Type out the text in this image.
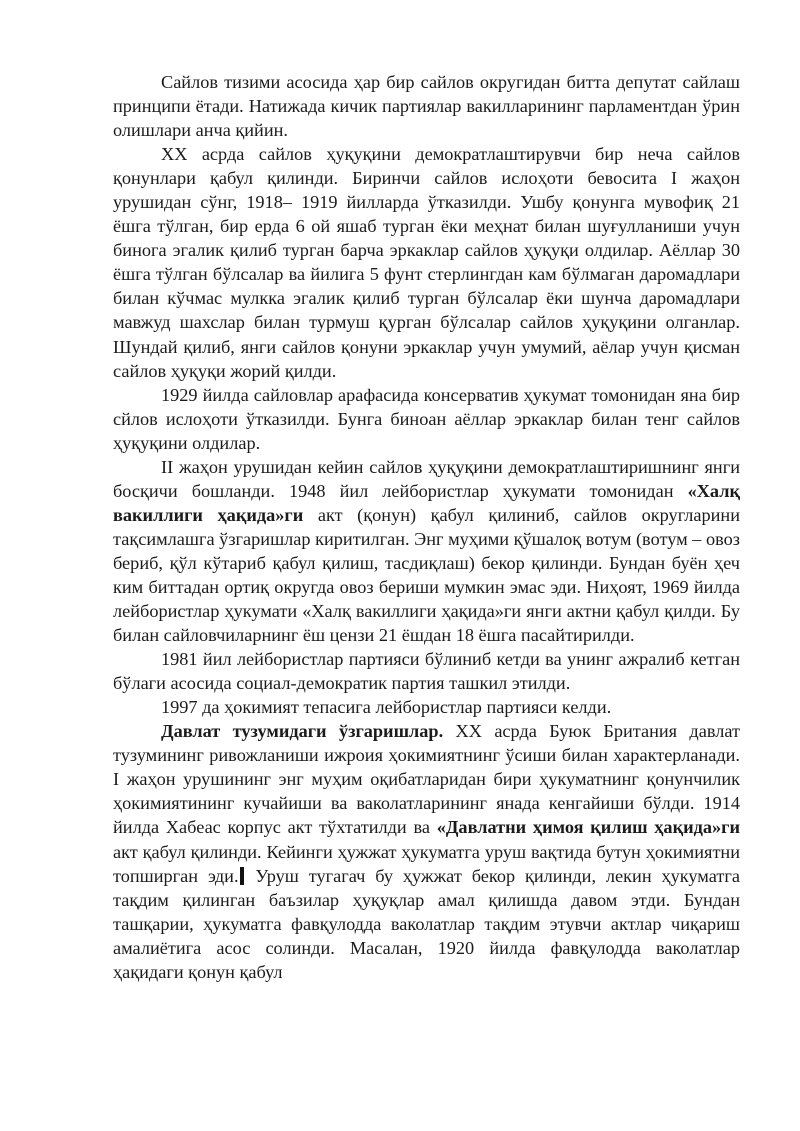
Сайлов тизими асосида ҳар бир сайлов округидан битта депутат сайлаш принципи ётади. Натижада кичик партиялар вакилларининг парламентдан ўрин олишлари анча қийин.

XX асрда сайлов ҳуқуқини демократлаштирувчи бир неча сайлов қонунлари қабул қилинди. Биринчи сайлов ислоҳоти бевосита I жаҳон урушидан сўнг, 1918– 1919 йилларда ўтказилди. Ушбу қонунга мувофиқ 21 ёшга тўлган, бир ерда 6 ой яшаб турган ёки меҳнат билан шуғулланиши учун бинога эгалик қилиб турган барча эркаклар сайлов ҳуқуқи олдилар. Аёллар 30 ёшга тўлган бўлсалар ва йилига 5 фунт стерлингдан кам бўлмаган даромадлари билан кўчмас мулкка эгалик қилиб турган бўлсалар ёки шунча даромадлари мавжуд шахслар билан турмуш қурган бўлсалар сайлов ҳуқуқини олганлар. Шундай қилиб, янги сайлов қонуни эркаклар учун умумий, аёлар учун қисман сайлов ҳуқуқи жорий қилди.

1929 йилда сайловлар арафасида консерватив ҳукумат томонидан яна бир сйлов ислоҳоти ўтказилди. Бунга биноан аёллар эркаклар билан тенг сайлов ҳуқуқини олдилар.

II жаҳон урушидан кейин сайлов ҳуқуқини демократлаштиришнинг янги босқичи бошланди. 1948 йил лейбористлар ҳукумати томонидан «Халқ вакиллиги ҳақида»ги акт (қонун) қабул қилиниб, сайлов округларини тақсимлашга ўзгаришлар киритилган. Энг муҳими қўшалоқ вотум (вотум – овоз бериб, қўл кўтариб қабул қилиш, тасдиқлаш) бекор қилинди. Бундан буён ҳеч ким биттадан ортиқ округда овоз бериши мумкин эмас эди. Ниҳоят, 1969 йилда лейбористлар ҳукумати «Халқ вакиллиги ҳақида»ги янги актни қабул қилди. Бу билан сайловчиларнинг ёш цензи 21 ёшдан 18 ёшга пасайтирилди.

1981 йил лейбористлар партияси бўлиниб кетди ва унинг ажралиб кетган бўлаги асосида социал-демократик партия ташкил этилди.

1997 да ҳокимият тепасига лейбористлар партияси келди.

Давлат тузумидаги ўзгаришлар. XX асрда Буюк Британия давлат тузумининг ривожланиши ижроия ҳокимиятнинг ўсиши билан характерланади. I жаҳон урушининг энг муҳим оқибатларидан бири ҳукуматнинг қонунчилик ҳокимиятининг кучайиши ва ваколатларининг янада кенгайиши бўлди. 1914 йилда Хабеас корпус акт тўхтатилди ва «Давлатни ҳимоя қилиш ҳақида»ги акт қабул қилинди. Кейинги ҳужжат ҳукуматга уруш вақтида бутун ҳокимиятни топширган эди. Уруш тугагач бу ҳужжат бекор қилинди, лекин ҳукуматга тақдим қилинган баъзилар ҳуқуқлар амал қилишда давом этди. Бундан ташқарии, ҳукуматга фавқулодда ваколатлар тақдим этувчи актлар чиқариш амалиётига асос солинди. Масалан, 1920 йилда фавқулодда ваколатлар ҳақидаги қонун қабул
